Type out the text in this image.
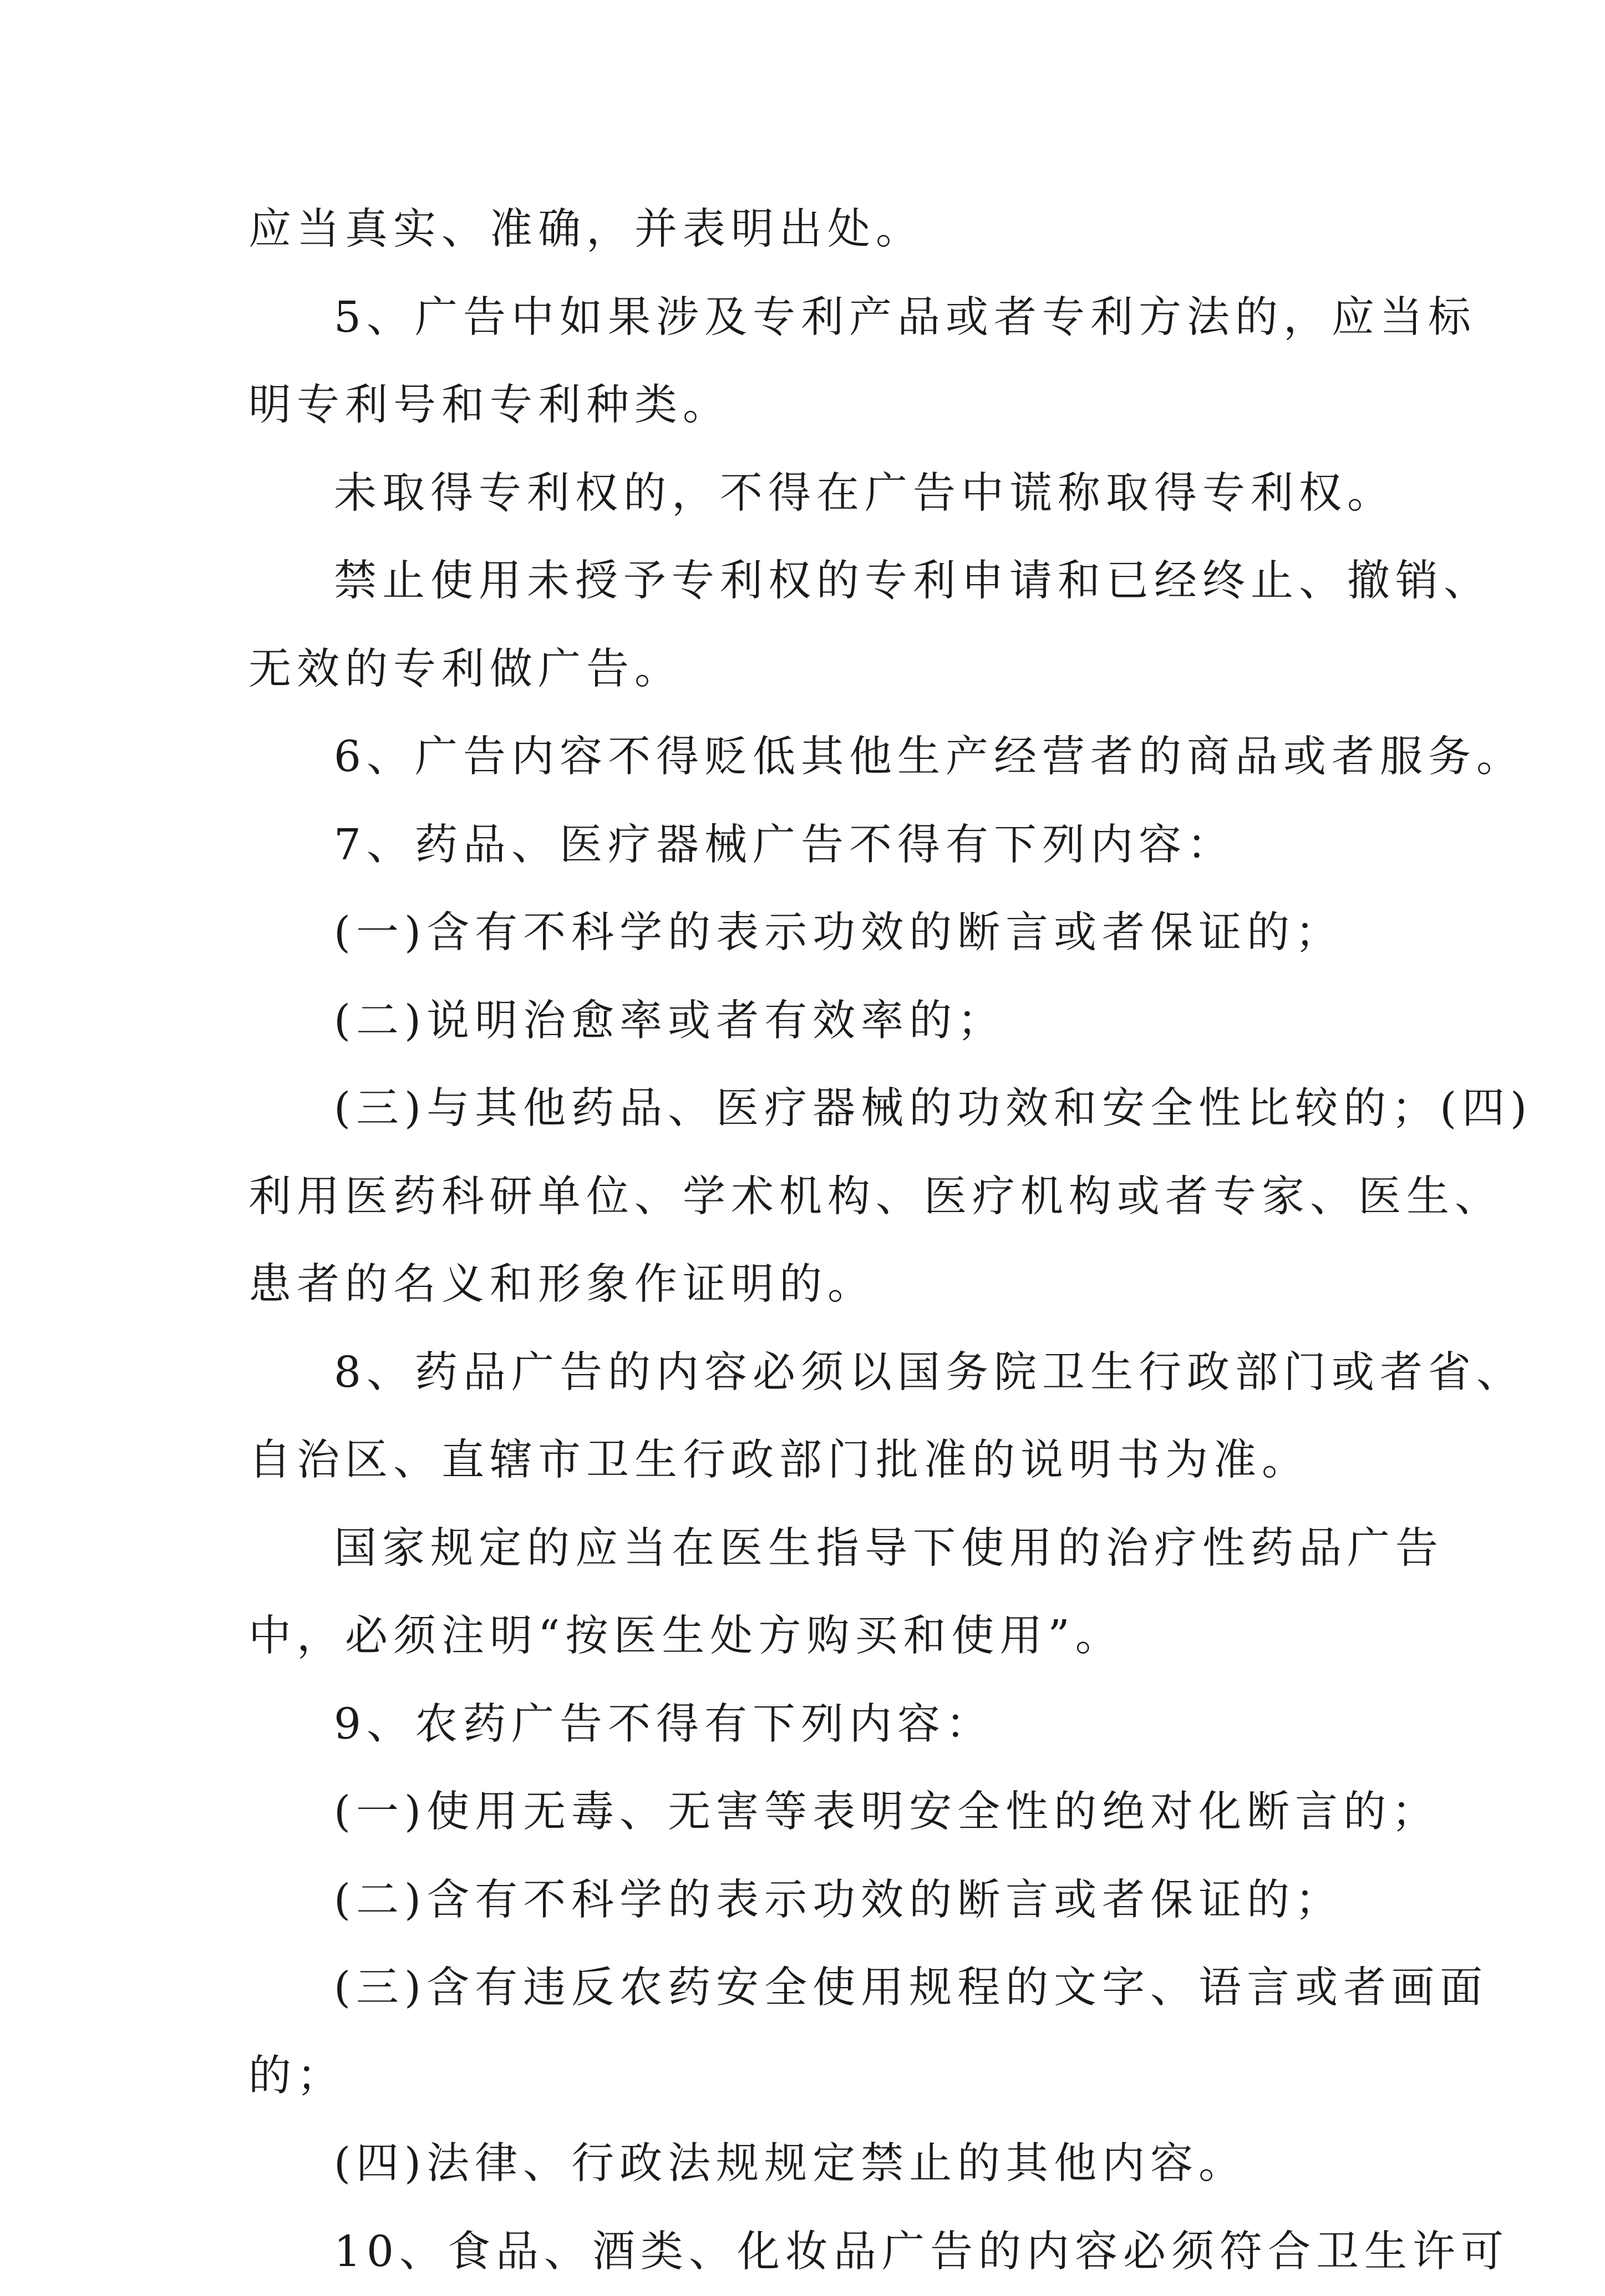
应当真实、准确，并表明出处。
5、广告中如果涉及专利产品或者专利方法的，应当标
明专利号和专利种类。
未取得专利权的，不得在广告中谎称取得专利权。
禁止使用未授予专利权的专利申请和已经终止、撤销、
无效的专利做广告。
6、广告内容不得贬低其他生产经营者的商品或者服务。
7、药品、医疗器械广告不得有下列内容：
(一)含有不科学的表示功效的断言或者保证的；
(二)说明治愈率或者有效率的；
(三)与其他药品、医疗器械的功效和安全性比较的；(四)
利用医药科研单位、学术机构、医疗机构或者专家、医生、
患者的名义和形象作证明的。
8、药品广告的内容必须以国务院卫生行政部门或者省、
自治区、直辖市卫生行政部门批准的说明书为准。
国家规定的应当在医生指导下使用的治疗性药品广告
中，必须注明“按医生处方购买和使用”。
9、农药广告不得有下列内容：
(一)使用无毒、无害等表明安全性的绝对化断言的；
(二)含有不科学的表示功效的断言或者保证的；
(三)含有违反农药安全使用规程的文字、语言或者画面
的；
(四)法律、行政法规规定禁止的其他内容。
10、食品、酒类、化妆品广告的内容必须符合卫生许可
